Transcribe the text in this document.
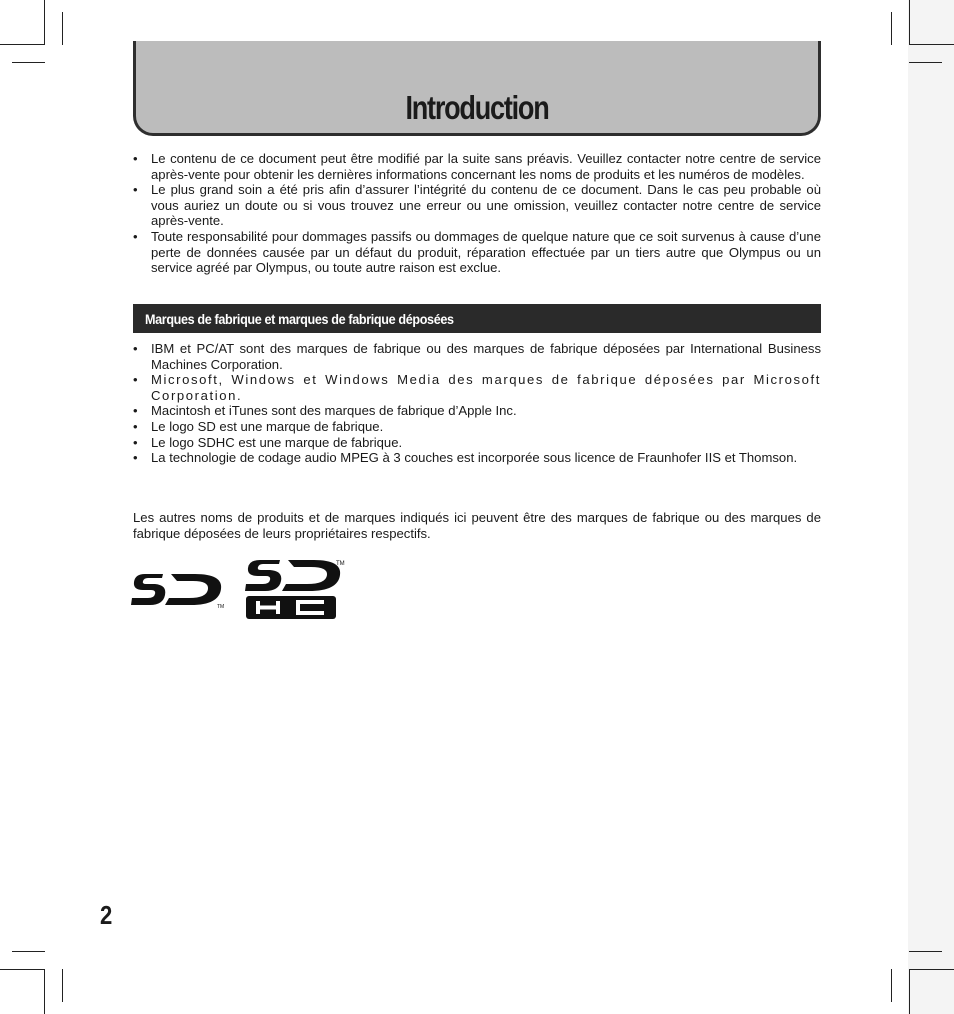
Introduction
• Le contenu de ce document peut être modifié par la suite sans préavis. Veuillez contacter notre centre de service après-vente pour obtenir les dernières informations concernant les noms de produits et les numéros de modèles.
• Le plus grand soin a été pris afin d’assurer l’intégrité du contenu de ce document. Dans le cas peu probable où vous auriez un doute ou si vous trouvez une erreur ou une omission, veuillez contacter notre centre de service après-vente.
• Toute responsabilité pour dommages passifs ou dommages de quelque nature que ce soit survenus à cause d’une perte de données causée par un défaut du produit, réparation effectuée par un tiers autre que Olympus ou un service agréé par Olympus, ou toute autre raison est exclue.
Marques de fabrique et marques de fabrique déposées
• IBM et PC/AT sont des marques de fabrique ou des marques de fabrique déposées par International Business Machines Corporation.
• Microsoft, Windows et Windows Media des marques de fabrique déposées par Microsoft Corporation.
• Macintosh et iTunes sont des marques de fabrique d’Apple Inc.
• Le logo SD est une marque de fabrique.
• Le logo SDHC est une marque de fabrique.
• La technologie de codage audio MPEG à 3 couches est incorporée sous licence de Fraunhofer IIS et Thomson.

Les autres noms de produits et de marques indiqués ici peuvent être des marques de fabrique ou des marques de fabrique déposées de leurs propriétaires respectifs.

TM
TM
2
